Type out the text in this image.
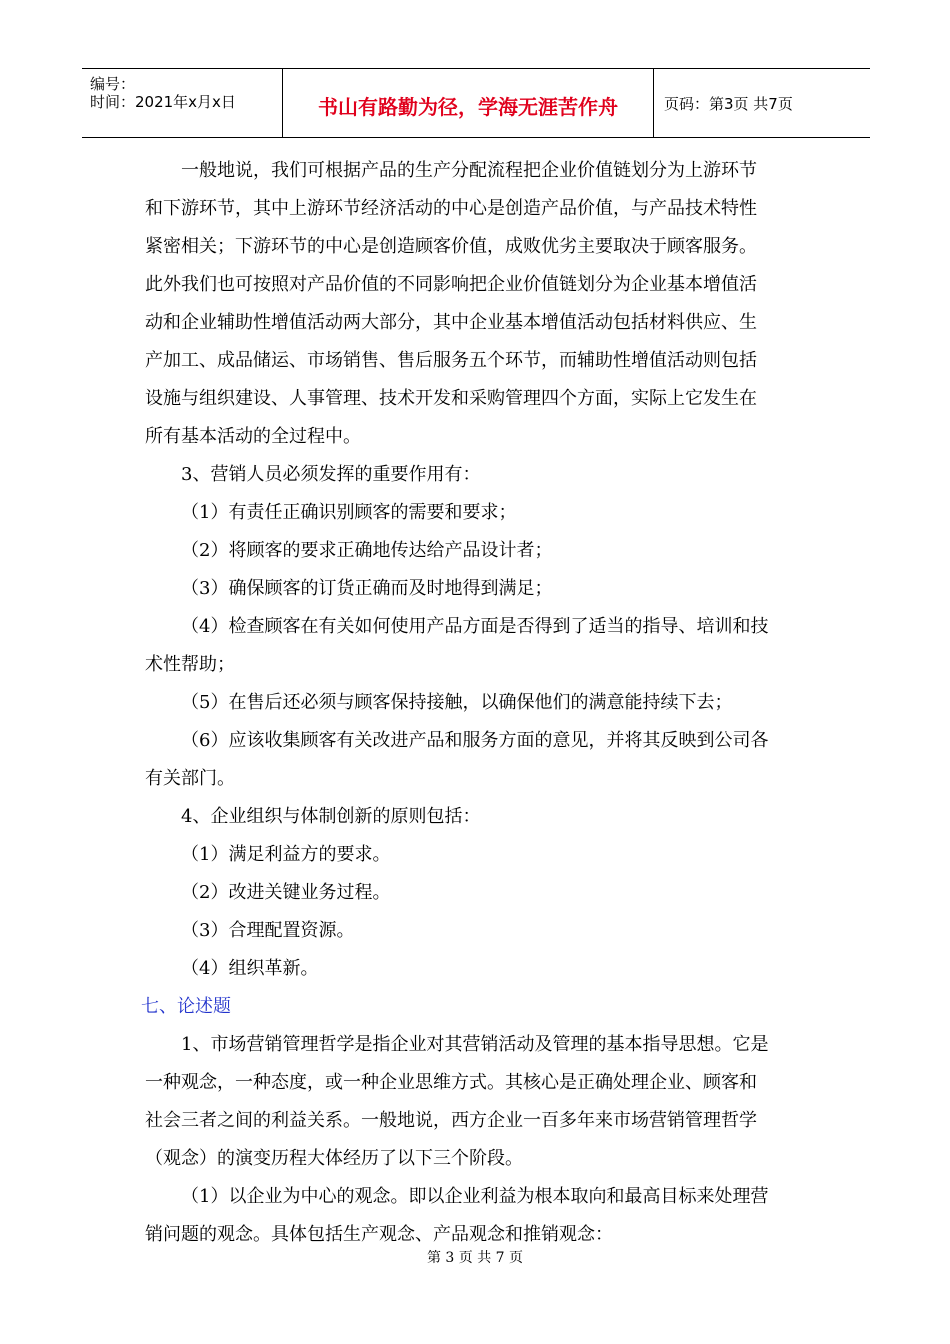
编号：
时间：2021年x月x日	书山有路勤为径，学海无涯苦作舟	页码：第3页 共7页
一般地说，我们可根据产品的生产分配流程把企业价值链划分为上游环节
和下游环节，其中上游环节经济活动的中心是创造产品价值，与产品技术特性
紧密相关；下游环节的中心是创造顾客价值，成败优劣主要取决于顾客服务。
此外我们也可按照对产品价值的不同影响把企业价值链划分为企业基本增值活
动和企业辅助性增值活动两大部分，其中企业基本增值活动包括材料供应、生
产加工、成品储运、市场销售、售后服务五个环节，而辅助性增值活动则包括
设施与组织建设、人事管理、技术开发和采购管理四个方面，实际上它发生在
所有基本活动的全过程中。
3、营销人员必须发挥的重要作用有：
（1）有责任正确识别顾客的需要和要求；
（2）将顾客的要求正确地传达给产品设计者；
（3）确保顾客的订货正确而及时地得到满足；
（4）检查顾客在有关如何使用产品方面是否得到了适当的指导、培训和技
术性帮助；
（5）在售后还必须与顾客保持接触，以确保他们的满意能持续下去；
（6）应该收集顾客有关改进产品和服务方面的意见，并将其反映到公司各
有关部门。
4、企业组织与体制创新的原则包括：
（1）满足利益方的要求。
（2）改进关键业务过程。
（3）合理配置资源。
（4）组织革新。
七、论述题
1、市场营销管理哲学是指企业对其营销活动及管理的基本指导思想。它是
一种观念，一种态度，或一种企业思维方式。其核心是正确处理企业、顾客和
社会三者之间的利益关系。一般地说，西方企业一百多年来市场营销管理哲学
（观念）的演变历程大体经历了以下三个阶段。
（1）以企业为中心的观念。即以企业利益为根本取向和最高目标来处理营
销问题的观念。具体包括生产观念、产品观念和推销观念：
第 3 页 共 7 页
